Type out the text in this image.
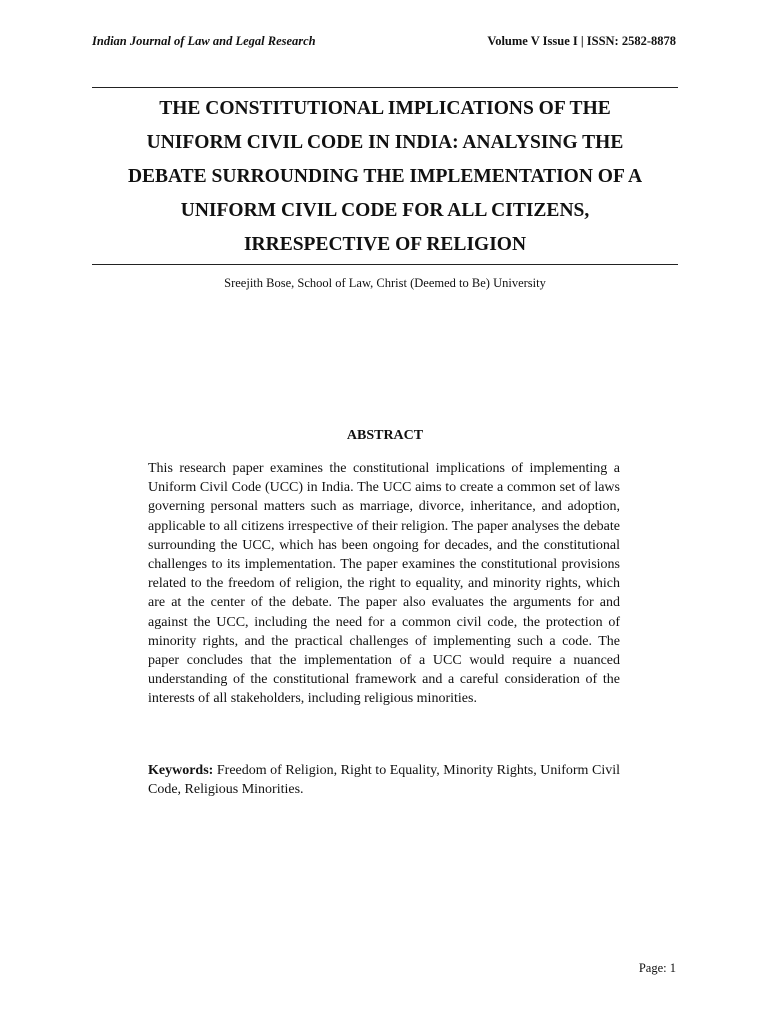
Indian Journal of Law and Legal Research	Volume V Issue I | ISSN: 2582-8878
THE CONSTITUTIONAL IMPLICATIONS OF THE
UNIFORM CIVIL CODE IN INDIA: ANALYSING THE
DEBATE SURROUNDING THE IMPLEMENTATION OF A
UNIFORM CIVIL CODE FOR ALL CITIZENS,
IRRESPECTIVE OF RELIGION
Sreejith Bose, School of Law, Christ (Deemed to Be) University
ABSTRACT

This research paper examines the constitutional implications of implementing a Uniform Civil Code (UCC) in India. The UCC aims to create a common set of laws governing personal matters such as marriage, divorce, inheritance, and adoption, applicable to all citizens irrespective of their religion. The paper analyses the debate surrounding the UCC, which has been ongoing for decades, and the constitutional challenges to its implementation. The paper examines the constitutional provisions related to the freedom of religion, the right to equality, and minority rights, which are at the center of the debate. The paper also evaluates the arguments for and against the UCC, including the need for a common civil code, the protection of minority rights, and the practical challenges of implementing such a code. The paper concludes that the implementation of a UCC would require a nuanced understanding of the constitutional framework and a careful consideration of the interests of all stakeholders, including religious minorities.

Keywords: Freedom of Religion, Right to Equality, Minority Rights, Uniform Civil Code, Religious Minorities.

Page: 1
